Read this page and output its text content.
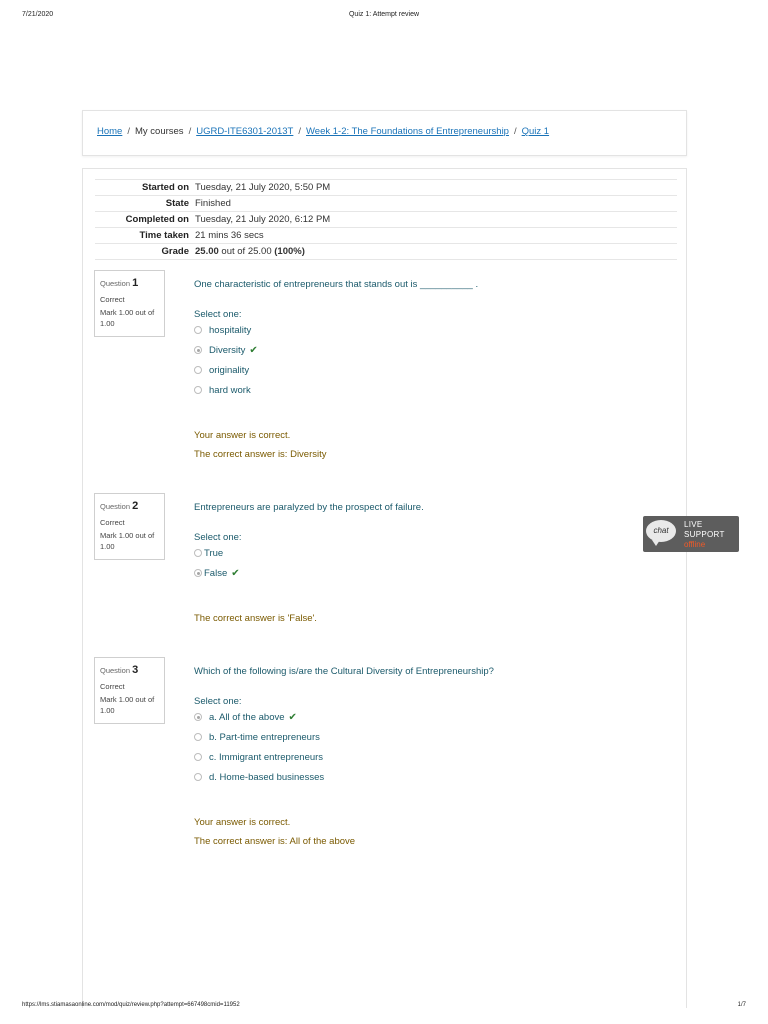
7/21/2020	Quiz 1: Attempt review
Home / My courses / UGRD-ITE6301-2013T / Week 1-2: The Foundations of Entrepreneurship / Quiz 1
Started on	Tuesday, 21 July 2020, 5:50 PM
State	Finished
Completed on	Tuesday, 21 July 2020, 6:12 PM
Time taken	21 mins 36 secs
Grade	25.00 out of 25.00 (100%)
Question 1
Correct
Mark 1.00 out of 1.00
One characteristic of entrepreneurs that stands out is __________ .
Select one:
hospitality
Diversity ✔
originality
hard work
Your answer is correct.
The correct answer is: Diversity
Question 2
Correct
Mark 1.00 out of 1.00
Entrepreneurs are paralyzed by the prospect of failure.
Select one:
True
False ✔
The correct answer is 'False'.
Question 3
Correct
Mark 1.00 out of 1.00
Which of the following is/are the Cultural Diversity of Entrepreneurship?
Select one:
a. All of the above ✔
b. Part-time entrepreneurs
c. Immigrant entrepreneurs
d. Home-based businesses
Your answer is correct.
The correct answer is: All of the above
chat
LIVE
SUPPORT
offline
https://lms.stiamasaonline.com/mod/quiz/review.php?attempt=667498cmid=11952	1/7
